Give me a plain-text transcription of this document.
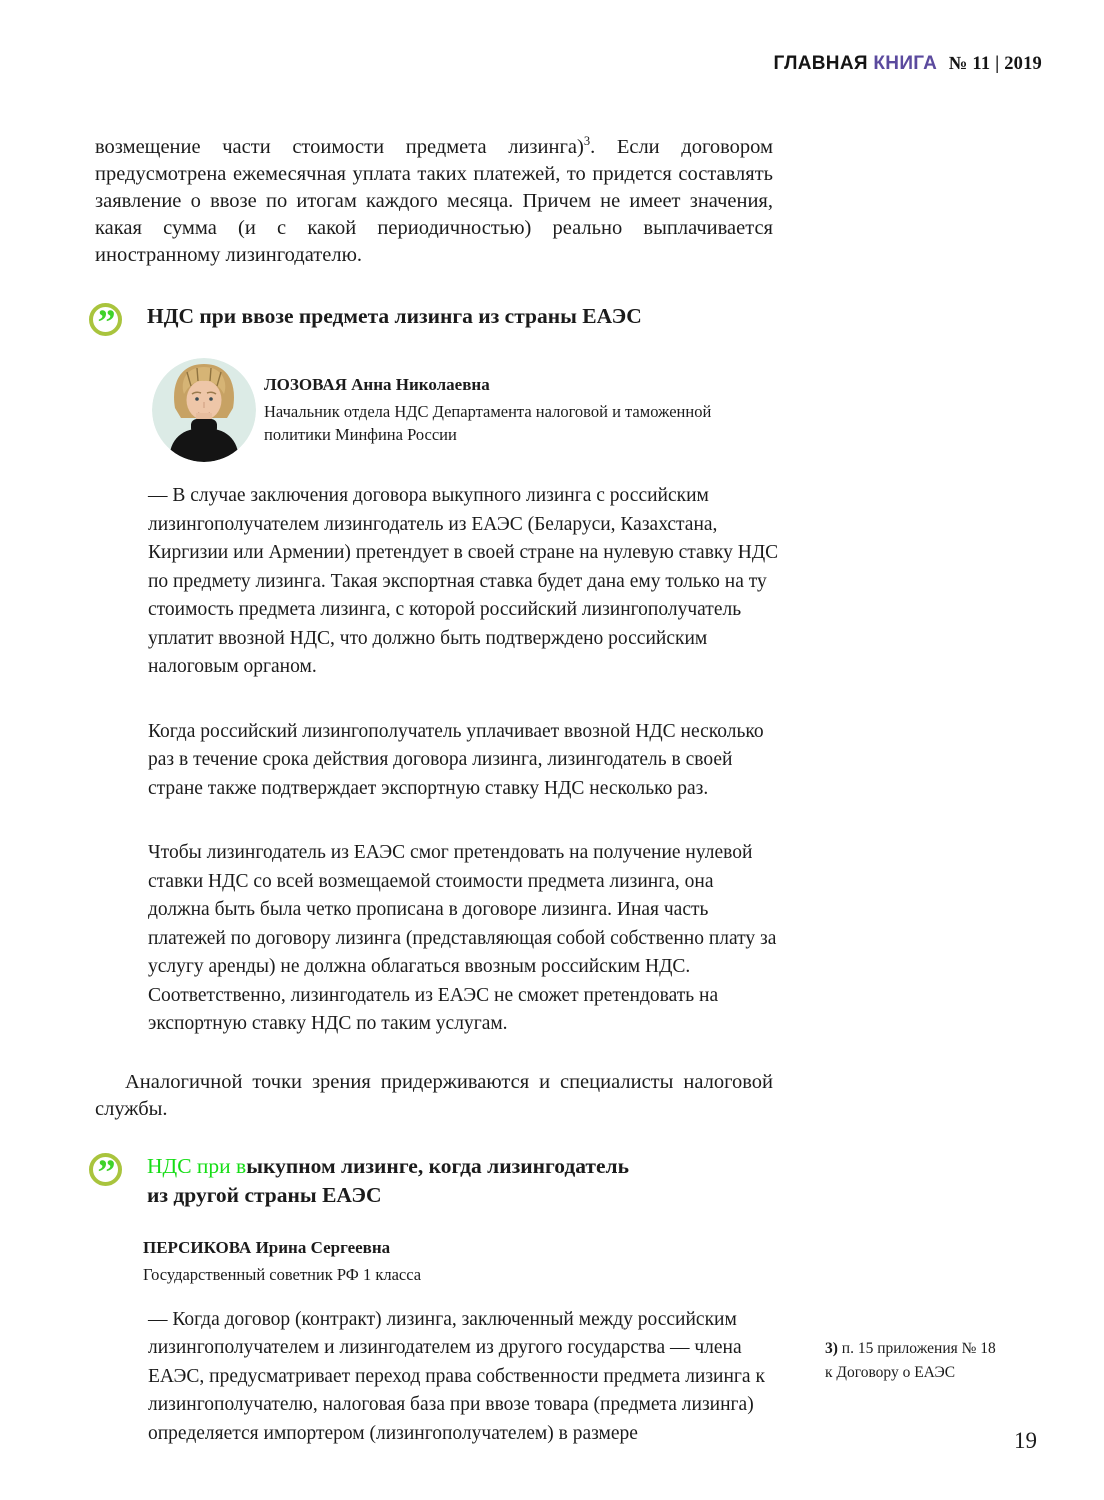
ГЛАВНАЯ КНИГА № 11 | 2019

возмещение части стоимости предмета лизинга)$^3$. Если договором предусмотрена ежемесячная уплата таких платежей, то придется составлять заявление о ввозе по итогам каждого месяца. Причем не имеет значения, какая сумма (и с какой периодичностью) реально выплачивается иностранному лизингодателю.

” НДС при ввозе предмета лизинга из страны ЕАЭС
ЛОЗОВАЯ Анна Николаевна
Начальник отдела НДС Департамента налоговой и таможенной политики Минфина России

— В случае заключения договора выкупного лизинга с российским лизингополучателем лизингодатель из ЕАЭС (Беларуси, Казахстана, Киргизии или Армении) претендует в своей стране на нулевую ставку НДС по предмету лизинга. Такая экспортная ставка будет дана ему только на ту стоимость предмета лизинга, с которой российский лизингополучатель уплатит ввозной НДС, что должно быть подтверждено российским налоговым органом.

Когда российский лизингополучатель уплачивает ввозной НДС несколько раз в течение срока действия договора лизинга, лизингодатель в своей стране также подтверждает экспортную ставку НДС несколько раз.

Чтобы лизингодатель из ЕАЭС смог претендовать на получение нулевой ставки НДС со всей возмещаемой стоимости предмета лизинга, она должна быть была четко прописана в договоре лизинга. Иная часть платежей по договору лизинга (представляющая собой собственно плату за услугу аренды) не должна облагаться ввозным российским НДС. Соответственно, лизингодатель из ЕАЭС не сможет претендовать на экспортную ставку НДС по таким услугам.

Аналогичной точки зрения придерживаются и специалисты налоговой службы.

” НДС при выкупном лизинге, когда лизингодатель
из другой страны ЕАЭС
ПЕРСИКОВА Ирина Сергеевна
Государственный советник РФ 1 класса

— Когда договор (контракт) лизинга, заключенный между российским лизингополучателем и лизингодателем из другого государства — члена ЕАЭС, предусматривает переход права собственности предмета лизинга к лизингополучателю, налоговая база при ввозе товара (предмета лизинга) определяется импортером (лизингополучателем) в размере

3) п. 15 приложения № 18
к Договору о ЕАЭС
19
